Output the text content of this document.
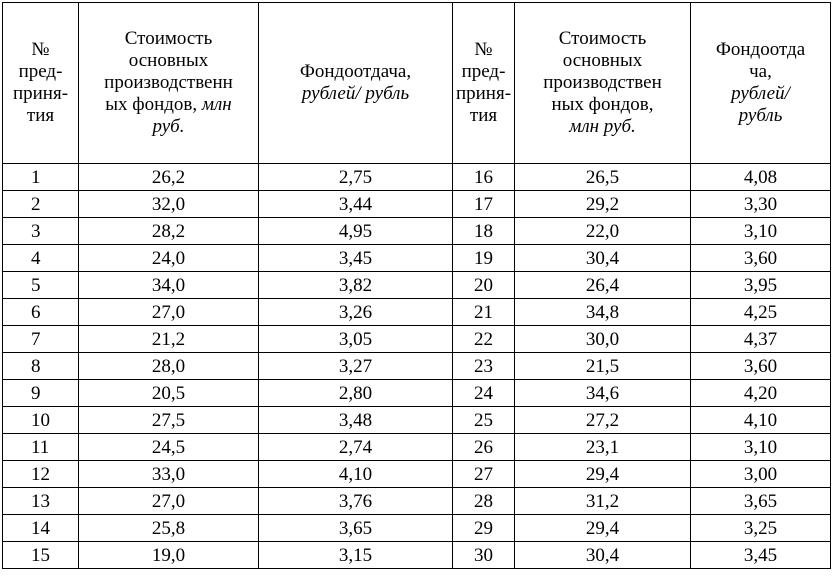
№
пред-
приня-
тия	Стоимость
основных
производственн
ых фондов, млн
руб.	Фондоотдача,
рублей/ рубль	№
пред-
приня-
тия	Стоимость
основных
производствен
ных фондов,
млн руб.	Фондоотда
ча,
рублей/
рубль

1	26,2	2,75	16	26,5	4,08
2	32,0	3,44	17	29,2	3,30
3	28,2	4,95	18	22,0	3,10
4	24,0	3,45	19	30,4	3,60
5	34,0	3,82	20	26,4	3,95
6	27,0	3,26	21	34,8	4,25
7	21,2	3,05	22	30,0	4,37
8	28,0	3,27	23	21,5	3,60
9	20,5	2,80	24	34,6	4,20
10	27,5	3,48	25	27,2	4,10
11	24,5	2,74	26	23,1	3,10
12	33,0	4,10	27	29,4	3,00
13	27,0	3,76	28	31,2	3,65
14	25,8	3,65	29	29,4	3,25
15	19,0	3,15	30	30,4	3,45
